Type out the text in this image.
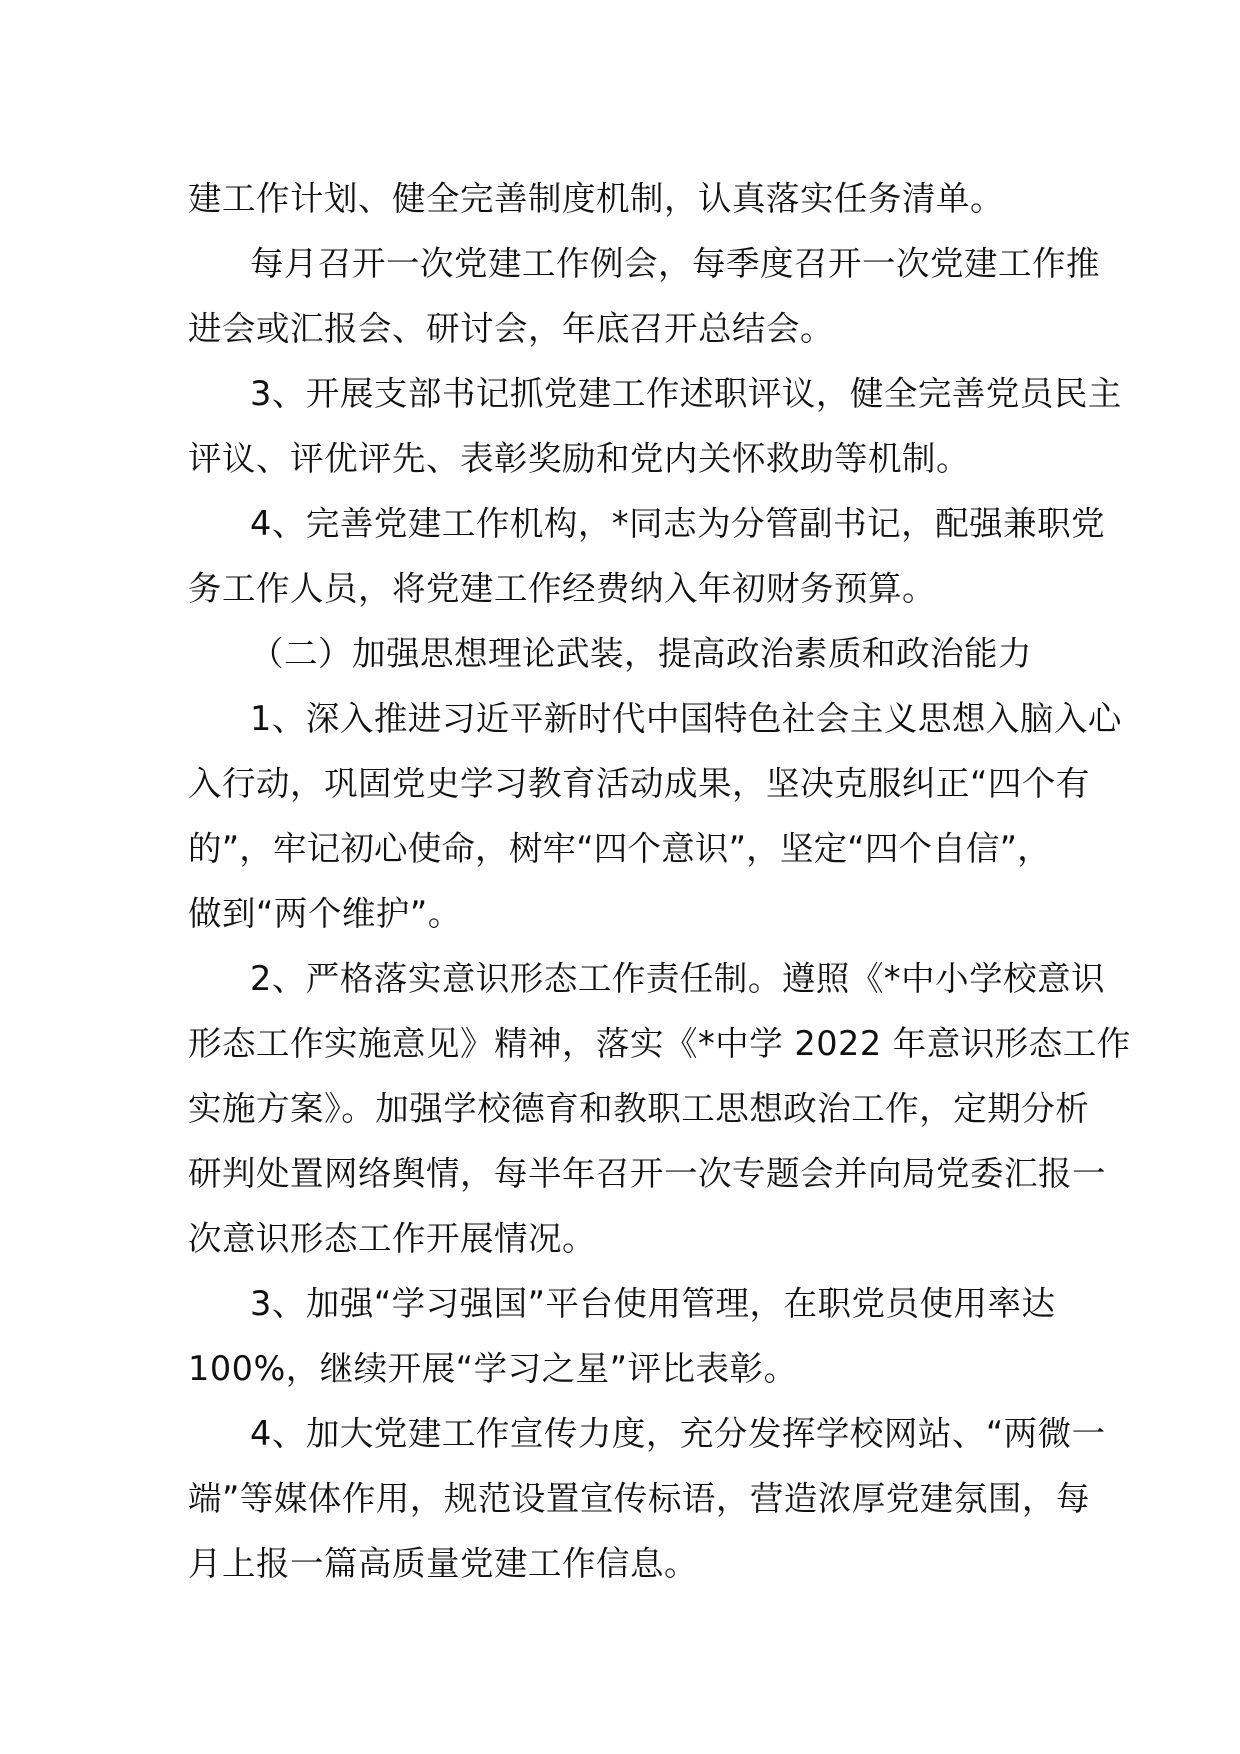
建工作计划、健全完善制度机制，认真落实任务清单。

每月召开一次党建工作例会，每季度召开一次党建工作推
进会或汇报会、研讨会，年底召开总结会。

3、开展支部书记抓党建工作述职评议，健全完善党员民主
评议、评优评先、表彰奖励和党内关怀救助等机制。

4、完善党建工作机构，*同志为分管副书记，配强兼职党
务工作人员，将党建工作经费纳入年初财务预算。

（二）加强思想理论武装，提高政治素质和政治能力

1、深入推进习近平新时代中国特色社会主义思想入脑入心
入行动，巩固党史学习教育活动成果，坚决克服纠正“四个有
的”，牢记初心使命，树牢“四个意识”，坚定“四个自信”，
做到“两个维护”。

2、严格落实意识形态工作责任制。遵照《*中小学校意识
形态工作实施意见》精神，落实《*中学 2022 年意识形态工作
实施方案》。加强学校德育和教职工思想政治工作，定期分析
研判处置网络舆情，每半年召开一次专题会并向局党委汇报一
次意识形态工作开展情况。

3、加强“学习强国”平台使用管理，在职党员使用率达
100%，继续开展“学习之星”评比表彰。

4、加大党建工作宣传力度，充分发挥学校网站、“两微一
端”等媒体作用，规范设置宣传标语，营造浓厚党建氛围，每
月上报一篇高质量党建工作信息。
